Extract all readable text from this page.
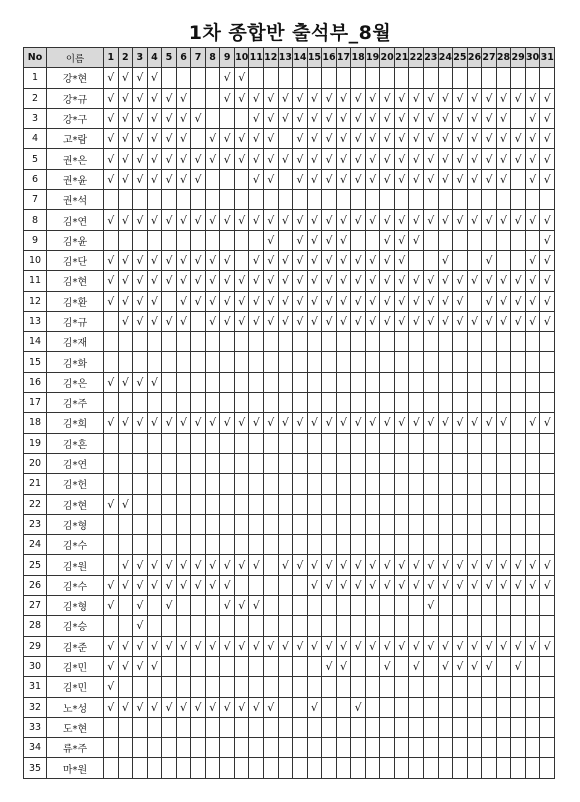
1차 종합반 출석부_8월
No	이름	1	2	3	4	5	6	7	8	9	10	11	12	13	14	15	16	17	18	19	20	21	22	23	24	25	26	27	28	29	30	31
1	강*현	√	√	√	√					√	√																					
2	강*규	√	√	√	√	√	√			√	√	√	√	√	√	√	√	√	√	√	√	√	√	√	√	√	√	√	√	√	√	√
3	강*구	√	√	√	√	√	√	√				√	√	√	√	√	√	√	√	√	√	√	√	√	√	√	√	√	√		√	√
4	고*람	√	√	√	√	√	√		√	√	√	√	√		√	√	√	√	√	√	√	√	√	√	√	√	√	√	√	√	√	√
5	권*은	√	√	√	√	√	√	√	√	√	√	√	√	√	√	√	√	√	√	√	√	√	√	√	√	√	√	√	√	√	√	√
6	권*윤	√	√	√	√	√	√	√				√	√		√	√	√	√	√	√	√	√	√	√	√	√	√	√	√		√	√
7	권*석																															
8	김*연	√	√	√	√	√	√	√	√	√	√	√	√	√	√	√	√	√	√	√	√	√	√	√	√	√	√	√	√	√	√	√
9	김*윤												√		√	√	√	√			√	√	√									√
10	김*단	√	√	√	√	√	√	√	√	√		√	√	√	√	√	√	√	√	√	√	√			√			√			√	√
11	김*현	√	√	√	√	√	√	√	√	√	√	√	√	√	√	√	√	√	√	√	√	√	√	√	√	√	√	√	√	√	√	√
12	김*환	√	√	√	√		√	√	√	√	√	√	√	√	√	√	√	√	√	√	√	√	√	√	√	√		√	√	√	√	√
13	김*규		√	√	√	√	√		√	√	√	√	√	√	√	√	√	√	√	√	√	√	√	√	√	√	√	√	√	√	√	√
14	김*재																															
15	김*화																															
16	김*은	√	√	√	√																											
17	김*주																															
18	김*희	√	√	√	√	√	√	√	√	√	√	√	√	√	√	√	√	√	√	√	√	√	√	√	√	√	√	√	√		√	√
19	김*흔																															
20	김*연																															
21	김*헌																															
22	김*현	√	√																													
23	김*형																															
24	김*수																															
25	김*원		√	√	√	√	√	√	√	√	√	√		√	√	√	√	√	√	√	√	√	√	√	√	√	√	√	√	√	√	√
26	김*수	√	√	√	√	√	√	√	√	√						√	√	√	√	√	√	√	√	√	√	√	√	√	√	√	√	√
27	김*형	√		√		√				√	√	√												√								
28	김*승			√																												
29	김*준	√	√	√	√	√	√	√	√	√	√	√	√	√	√	√	√	√	√	√	√	√	√	√	√	√	√	√	√	√	√	√
30	김*민	√	√	√	√												√	√			√		√		√	√	√	√		√		
31	김*민	√																														
32	노*성	√	√	√	√	√	√	√	√	√	√	√	√			√			√													
33	도*현																															
34	류*주																															
35	마*원																															
